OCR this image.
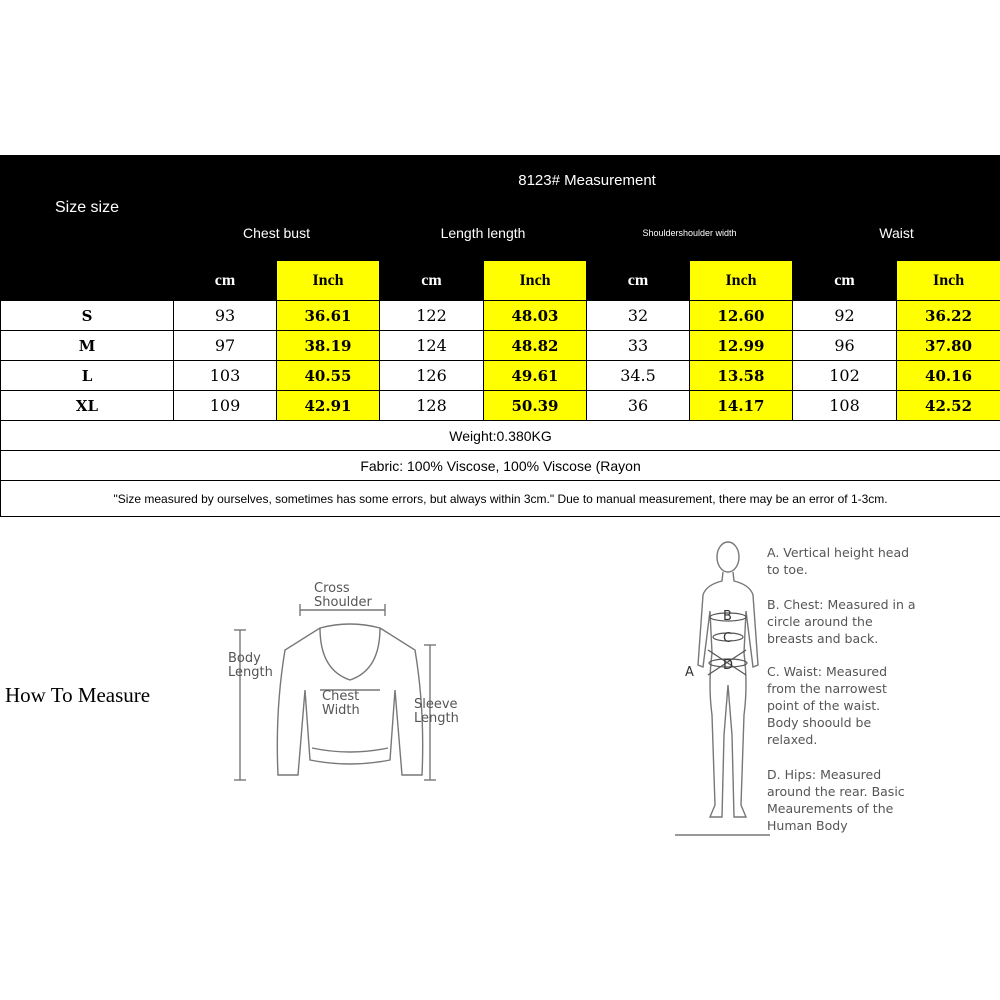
Size size	8123# Measurement							
	Chest bust		Length length		Shouldershoulder width		Waist	
	cm	Inch	cm	Inch	cm	Inch	cm	Inch
S	93	36.61	122	48.03	32	12.60	92	36.22
M	97	38.19	124	48.82	33	12.99	96	37.80
L	103	40.55	126	49.61	34.5	13.58	102	40.16
XL	109	42.91	128	50.39	36	14.17	108	42.52
Weight:0.380KG								
Fabric: 100% Viscose, 100% Viscose (Rayon								
"Size measured by ourselves, sometimes has some errors, but always within 3cm." Due to manual measurement, there may be an error of 1-3cm.								
How To Measure
Cross
Shoulder
Body
Length
Chest
Width	Sleeve
Length
A
B
C
D
A. Vertical height head to toe.
B. Chest: Measured in a circle around the breasts and back.
C. Waist: Measured from the narrowest point of the waist. Body shoould be relaxed.
D. Hips: Measured around the rear. Basic Meaurements of the Human Body
